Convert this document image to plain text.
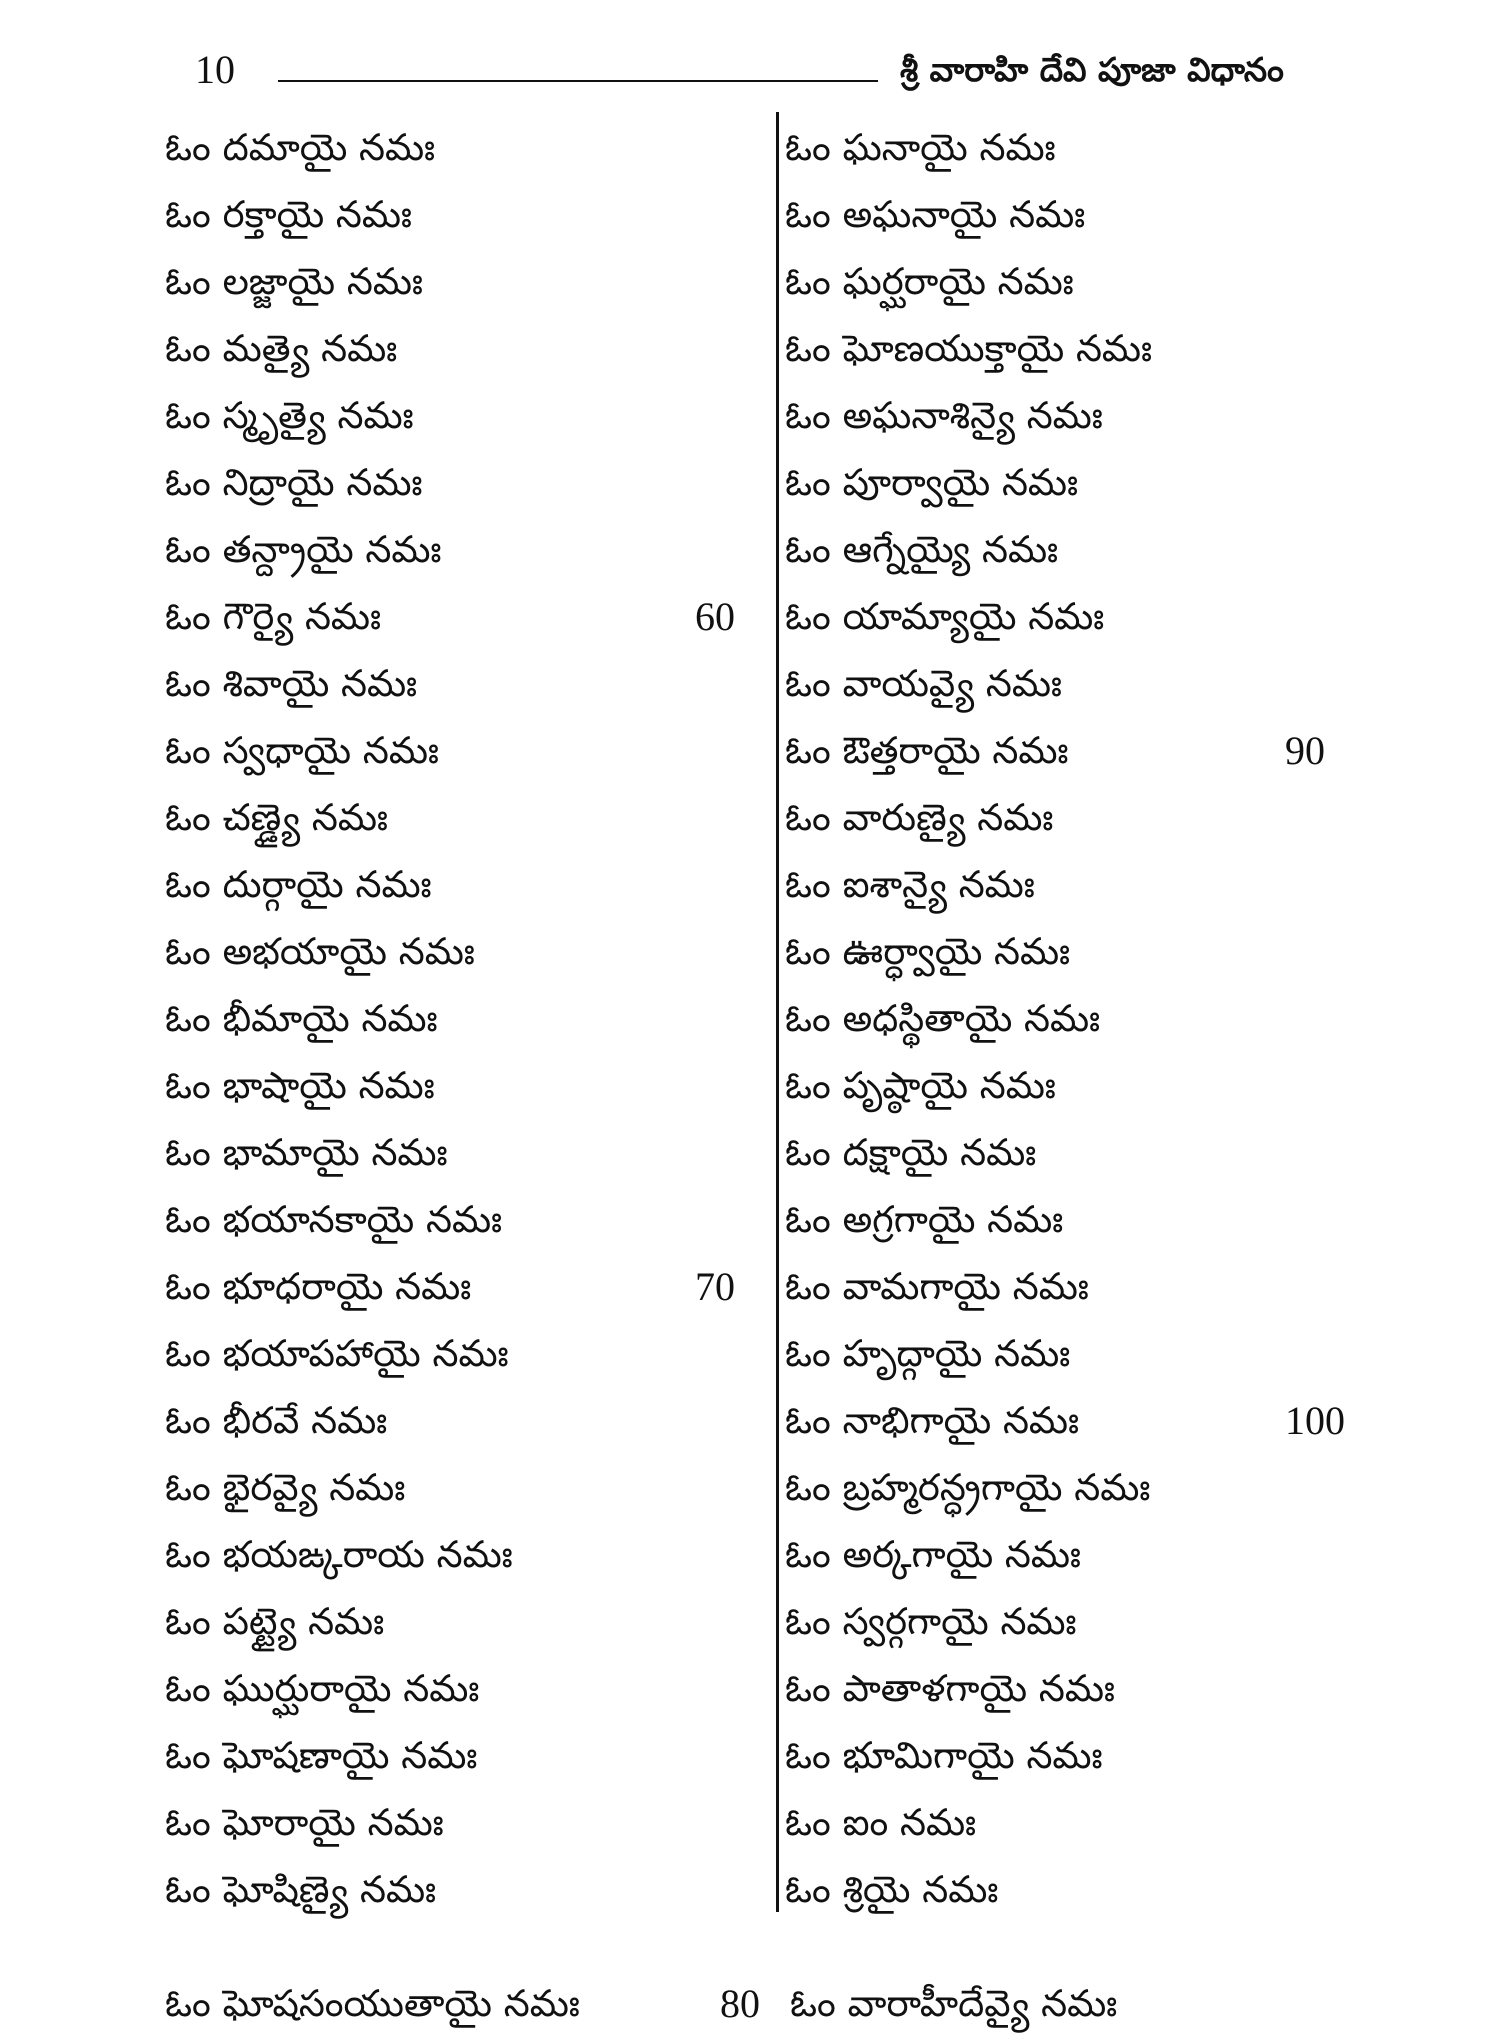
10	శ్రీ వారాహి దేవి పూజా విధానం
ఓం దమాయై నమః
ఓం రక్తాయై నమః
ఓం లజ్జాయై నమః
ఓం మత్యై నమః
ఓం స్మృత్యై నమః
ఓం నిద్రాయై నమః
ఓం తన్ద్రాయై నమః
ఓం గౌర్యై నమః	60
ఓం శివాయై నమః
ఓం స్వధాయై నమః
ఓం చణ్డ్యై నమః
ఓం దుర్గాయై నమః
ఓం అభయాయై నమః
ఓం భీమాయై నమః
ఓం భాషాయై నమః
ఓం భామాయై నమః
ఓం భయానకాయై నమః
ఓం భూధరాయై నమః	70
ఓం భయాపహాయై నమః
ఓం భీరవే నమః
ఓం భైరవ్యై నమః
ఓం భయఙ్కరాయ నమః
ఓం పట్ట్యై నమః
ఓం ఘుర్ఘురాయై నమః
ఓం ఘోషణాయై నమః
ఓం ఘోరాయై నమః
ఓం ఘోషిణ్యై నమః
ఓం ఘనాయై నమః
ఓం అఘనాయై నమః
ఓం ఘర్ఘరాయై నమః
ఓం ఘోణయుక్తాయై నమః
ఓం అఘనాశిన్యై నమః
ఓం పూర్వాయై నమః
ఓం ఆగ్నేయ్యై నమః
ఓం యామ్యాయై నమః
ఓం వాయవ్యై నమః
ఓం ఔత్తరాయై నమః	90
ఓం వారుణ్యై నమః
ఓం ఐశాన్యై నమః
ఓం ఊర్ధ్వాయై నమః
ఓం అధస్థితాయై నమః
ఓం పృష్ఠాయై నమః
ఓం దక్షాయై నమః
ఓం అగ్రగాయై నమః
ఓం వామగాయై నమః
ఓం హృద్గాయై నమః
ఓం నాభిగాయై నమః	100
ఓం బ్రహ్మరన్ధ్రగాయై నమః
ఓం అర్కగాయై నమః
ఓం స్వర్గగాయై నమః
ఓం పాతాళగాయై నమః
ఓం భూమిగాయై నమః
ఓం ఐం నమః
ఓం శ్రియై నమః
ఓం ఘోషసంయుతాయై నమః	80 ఓం వారాహీదేవ్యై నమః
